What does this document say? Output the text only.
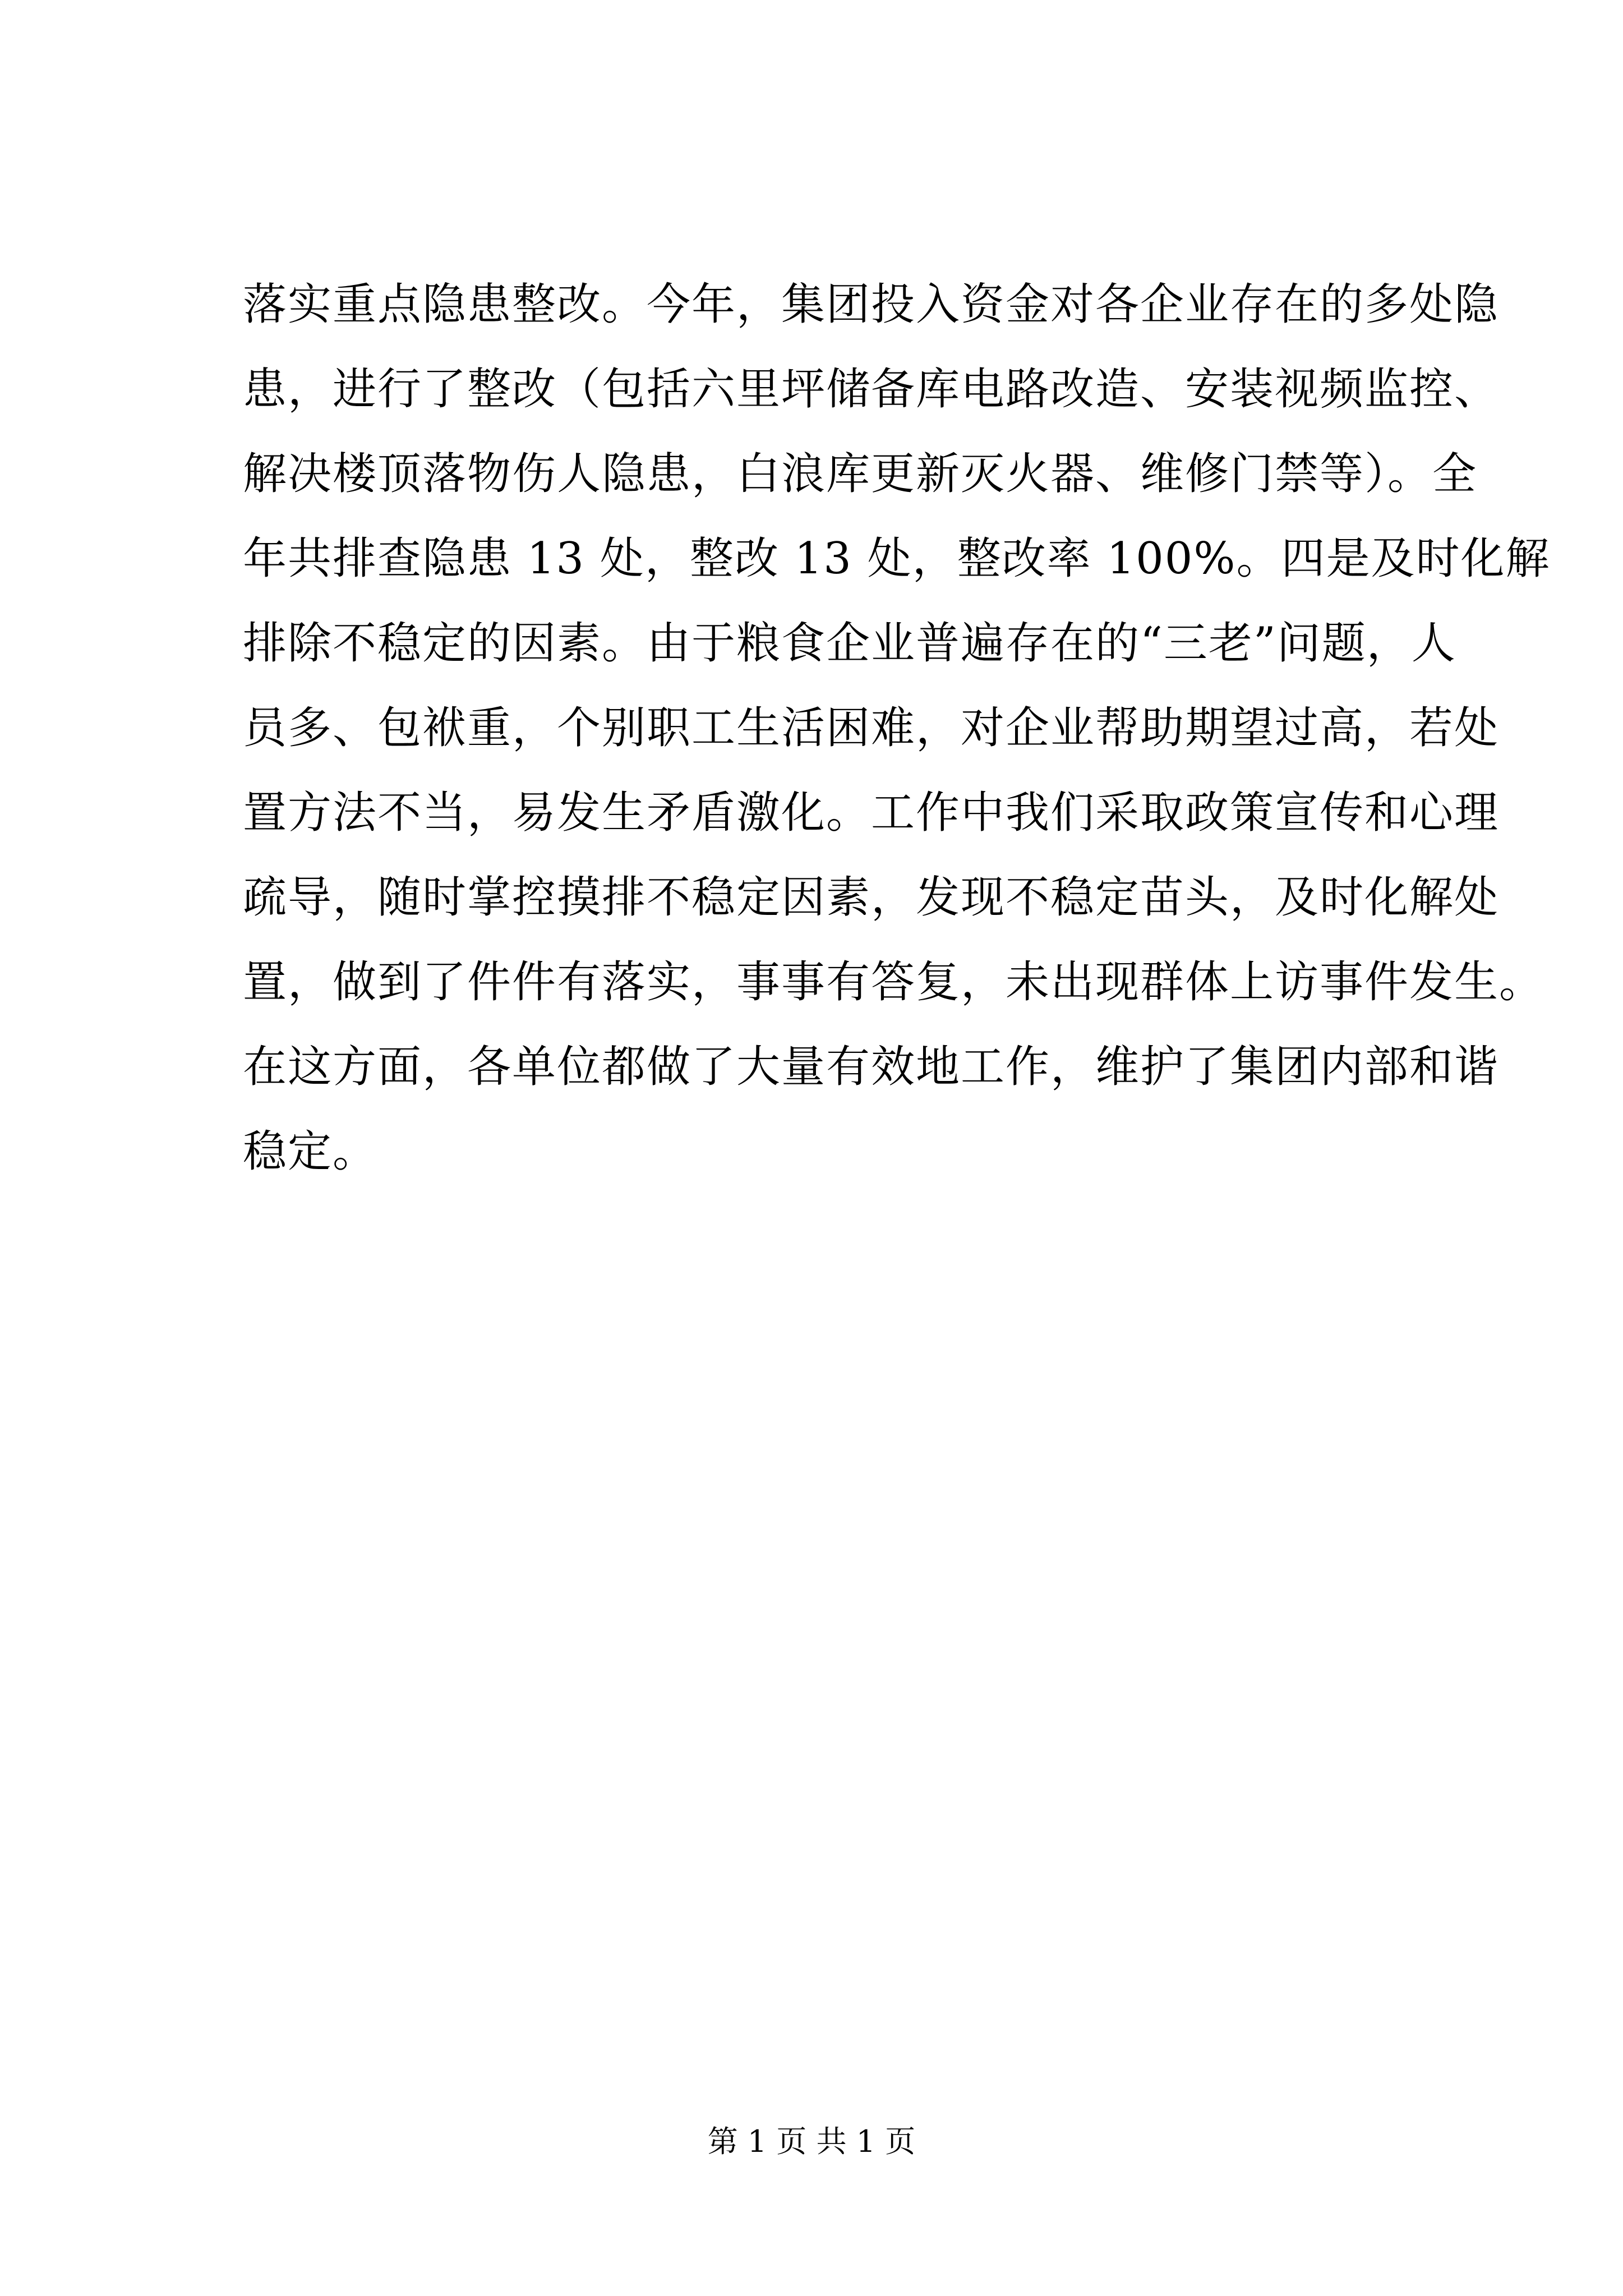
落实重点隐患整改。今年，集团投入资金对各企业存在的多处隐
患，进行了整改（包括六里坪储备库电路改造、安装视频监控、
解决楼顶落物伤人隐患，白浪库更新灭火器、维修门禁等）。全
年共排查隐患 13 处，整改 13 处，整改率 100%。四是及时化解
排除不稳定的因素。由于粮食企业普遍存在的“三老”问题，人
员多、包袱重，个别职工生活困难，对企业帮助期望过高，若处
置方法不当，易发生矛盾激化。工作中我们采取政策宣传和心理
疏导，随时掌控摸排不稳定因素，发现不稳定苗头，及时化解处
置，做到了件件有落实，事事有答复，未出现群体上访事件发生。
在这方面，各单位都做了大量有效地工作，维护了集团内部和谐
稳定。
第 1 页 共 1 页
